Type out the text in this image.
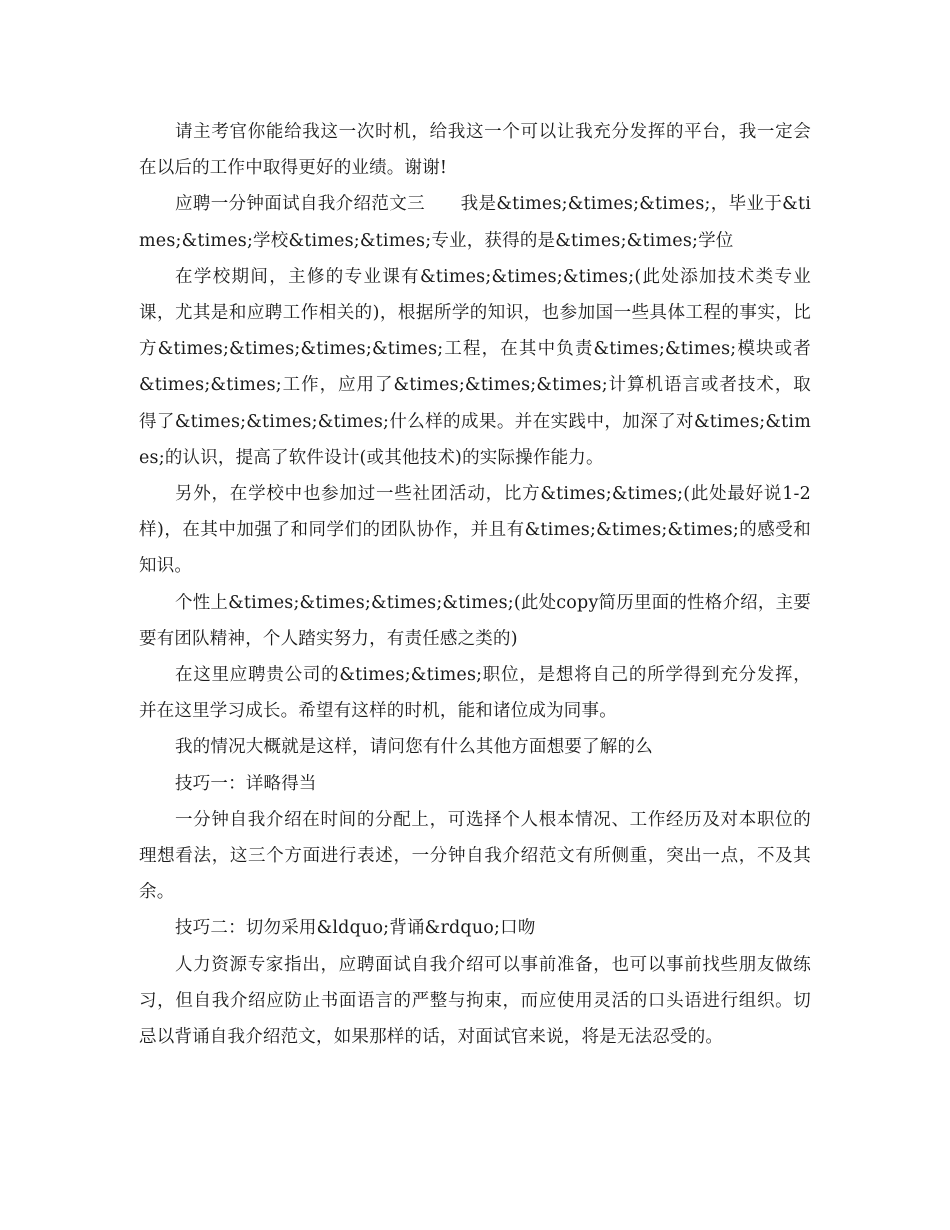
请主考官你能给我这一次时机，给我这一个可以让我充分发挥的平台，我一定会在以后的工作中取得更好的业绩。谢谢!

应聘一分钟面试自我介绍范文三　　我是&times;&times;&times;，毕业于&times;&times;学校&times;&times;专业，获得的是&times;&times;学位

在学校期间，主修的专业课有&times;&times;&times;(此处添加技术类专业课，尤其是和应聘工作相关的)，根据所学的知识，也参加国一些具体工程的事实，比方&times;&times;&times;&times;工程，在其中负责&times;&times;模块或者&times;&times;工作，应用了&times;&times;&times;计算机语言或者技术，取得了&times;&times;&times;什么样的成果。并在实践中，加深了对&times;&times;的认识，提高了软件设计(或其他技术)的实际操作能力。

另外，在学校中也参加过一些社团活动，比方&times;&times;(此处最好说1-2样)，在其中加强了和同学们的团队协作，并且有&times;&times;&times;的感受和知识。

个性上&times;&times;&times;&times;(此处copy简历里面的性格介绍，主要要有团队精神，个人踏实努力，有责任感之类的)

在这里应聘贵公司的&times;&times;职位，是想将自己的所学得到充分发挥，并在这里学习成长。希望有这样的时机，能和诸位成为同事。

我的情况大概就是这样，请问您有什么其他方面想要了解的么

技巧一：详略得当

一分钟自我介绍在时间的分配上，可选择个人根本情况、工作经历及对本职位的理想看法，这三个方面进行表述，一分钟自我介绍范文有所侧重，突出一点，不及其余。

技巧二：切勿采用&ldquo;背诵&rdquo;口吻

人力资源专家指出，应聘面试自我介绍可以事前准备，也可以事前找些朋友做练习，但自我介绍应防止书面语言的严整与拘束，而应使用灵活的口头语进行组织。切忌以背诵自我介绍范文，如果那样的话，对面试官来说，将是无法忍受的。
